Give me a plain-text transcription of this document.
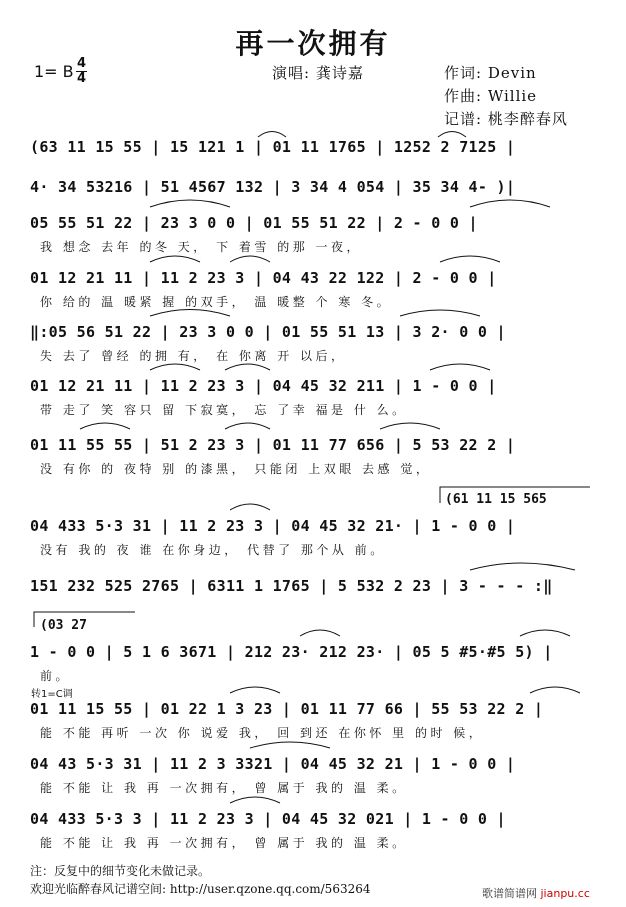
再一次拥有
1= B 4
4	演唱: 龚诗嘉	作词: Devin
作曲: Willie
记谱: 桃李醉春风
(63 11 15 55 | 15 121 1 | 01 11 1765 | 1252 2 7125 |
4· 34 53216 | 51 4567 132 | 3 34 4 054 | 35 34 4- )|
05 55 51 22 | 23 3 0 0 | 01 55 51 22 | 2 - 0 0 |
我 想念 去年 的冬 天， 下 着雪 的那 一夜，
01 12 21 11 | 11 2 23 3 | 04 43 22 122 | 2 - 0 0 |
你 给的 温 暖紧 握 的双手， 温 暖整 个 寒 冬。
‖:05 56 51 22 | 23 3 0 0 | 01 55 51 13 | 3 2· 0 0 |
失 去了 曾经 的拥 有， 在 你离 开 以后，
01 12 21 11 | 11 2 23 3 | 04 45 32 211 | 1 - 0 0 |
带 走了 笑 容只 留 下寂寞， 忘 了幸 福是 什 么。
01 11 55 55 | 51 2 23 3 | 01 11 77 656 | 5 53 22 2 |
没 有你 的 夜特 别 的漆黑， 只能闭 上双眼 去感 觉，
(61 11 15 565
04 433 5·3 31 | 11 2 23 3 | 04 45 32 21· | 1 - 0 0 |
没有 我的 夜 谁 在你身边， 代替了 那个从 前。
151 232 525 2765 | 6311 1 1765 | 5 532 2 23 | 3 - - - :‖
(03 27
1 - 0 0 | 5 1 6 3671 | 212 23· 212 23· | 05 5 #5·#5 5) |
前。
转1=C调
01 11 15 55 | 01 22 1 3 23 | 01 11 77 66 | 55 53 22 2 |
能 不能 再听 一次 你 说爱 我， 回 到还 在你怀 里 的时 候，
04 43 5·3 31 | 11 2 3 3321 | 04 45 32 21 | 1 - 0 0 |
能 不能 让 我 再 一次拥有， 曾 属于 我的 温 柔。
04 433 5·3 3 | 11 2 23 3 | 04 45 32 021 | 1 - 0 0 |
能 不能 让 我 再 一次拥有， 曾 属于 我的 温 柔。
注：反复中的细节变化未做记录。
欢迎光临醉春风记谱空间: http://user.qzone.qq.com/563264	歌谱简谱网 jianpu.cc
